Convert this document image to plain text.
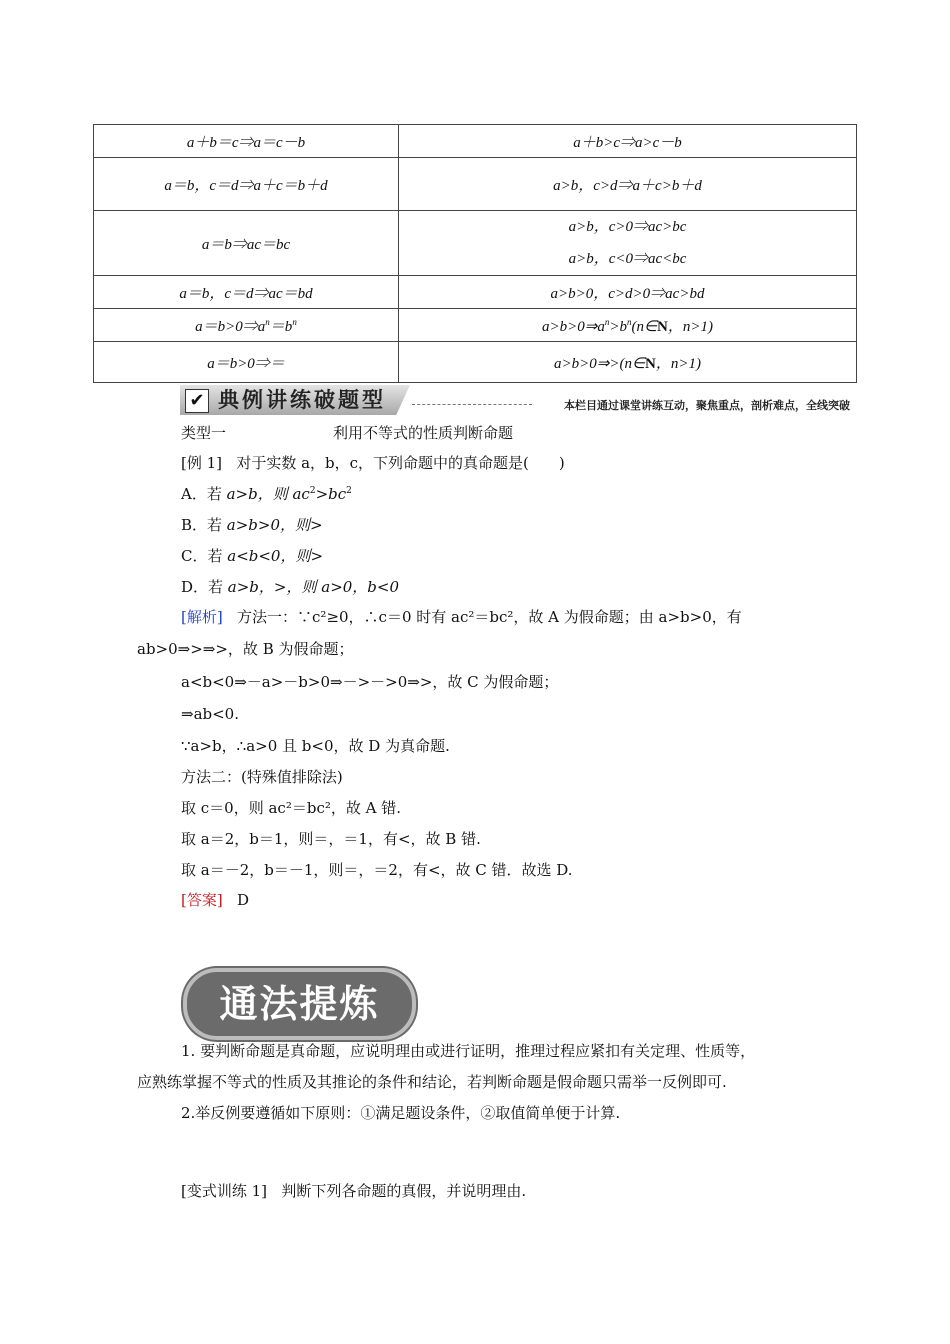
a＋b＝c⇒a＝c－b	a＋b>c⇒a>c－b
a＝b，c＝d⇒a＋c＝b＋d	a>b，c>d⇒a＋c>b＋d
a＝b⇒ac＝bc	a>b，c>0⇒ac>bc
a>b，c<0⇒ac<bc

a＝b，c＝d⇒ac＝bd	a>b>0，c>d>0⇒ac>bd
$a=b>0\Rightarrow a^n=b^n$	$a>b>0\Rightarrow a^n>b^n(n\in N$，n>1)
a＝b>0⇒＝	a>b>0⇒>(n∈N，n>1)
✔ 典例讲练破题型	本栏目通过课堂讲练互动，聚焦重点，剖析难点，全线突破
类型一	利用不等式的性质判断命题
[例 1] 对于实数 a，b，c，下列命题中的真命题是(　　)
A．若 a>b，则 $ac^2>bc^2$
B．若 a>b>0，则>
C．若 a<b<0，则>
D．若 a>b，>，则 a>0，b<0
[解析] 方法一：∵c²≥0，∴c＝0 时有 ac²＝bc²，故 A 为假命题；由 a>b>0，有
ab>0⇒>⇒>，故 B 为假命题；
a<b<0⇒－a>－b>0⇒－>－>0⇒>，故 C 为假命题；
⇒ab<0.
∵a>b，∴a>0 且 b<0，故 D 为真命题.
方法二：(特殊值排除法)
取 c＝0，则 ac²＝bc²，故 A 错.
取 a＝2，b＝1，则＝，＝1，有<，故 B 错.
取 a＝－2，b＝－1，则＝，＝2，有<，故 C 错．故选 D.
[答案] D
通法提炼
1. 要判断命题是真命题，应说明理由或进行证明，推理过程应紧扣有关定理、性质等，
应熟练掌握不等式的性质及其推论的条件和结论，若判断命题是假命题只需举一反例即可.
2.举反例要遵循如下原则：①满足题设条件，②取值简单便于计算.
[变式训练 1] 判断下列各命题的真假，并说明理由.
